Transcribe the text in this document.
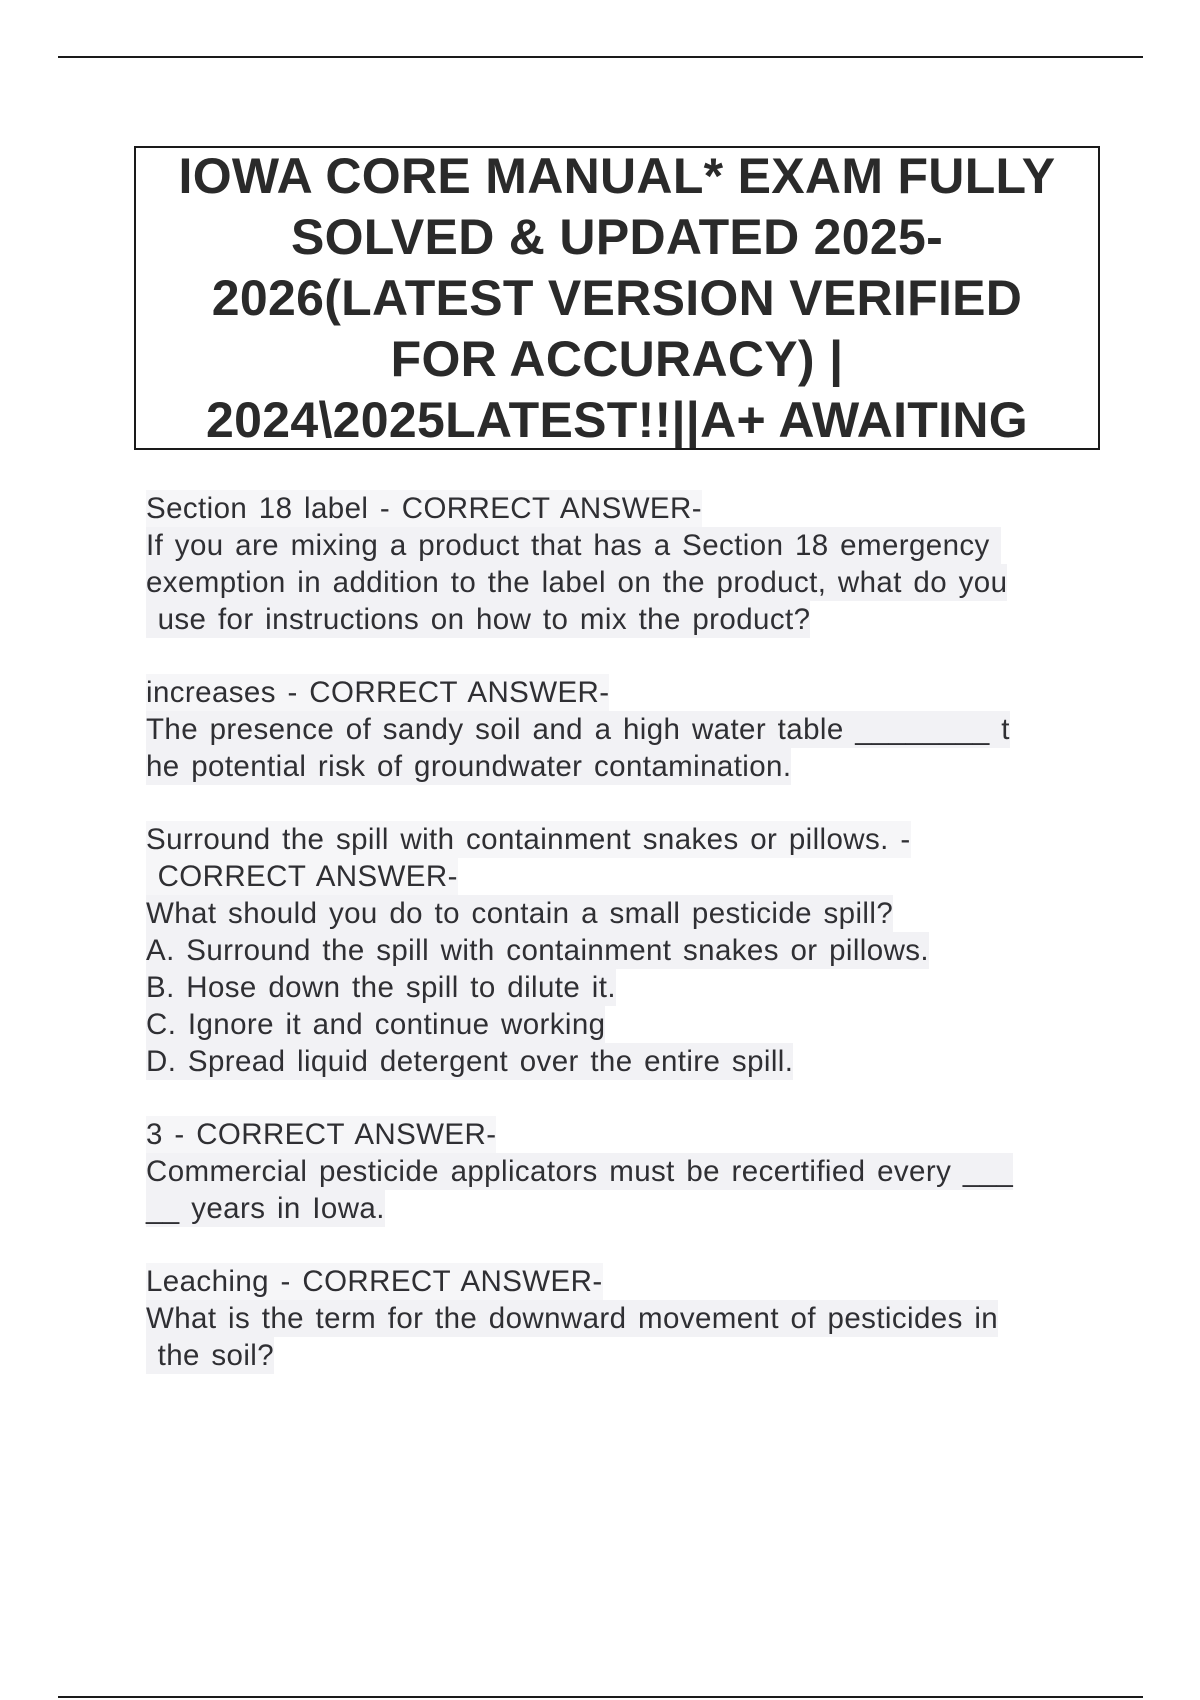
IOWA CORE MANUAL* EXAM FULLY
SOLVED & UPDATED 2025-
2026(LATEST VERSION VERIFIED
FOR ACCURACY) |
2024\2025LATEST!!||A+ AWAITING
Section 18 label - CORRECT ANSWER-
If you are mixing a product that has a Section 18 emergency
exemption in addition to the label on the product, what do you
use for instructions on how to mix the product?
increases - CORRECT ANSWER-
The presence of sandy soil and a high water table ________ t
he potential risk of groundwater contamination.
Surround the spill with containment snakes or pillows. -
CORRECT ANSWER-
What should you do to contain a small pesticide spill?
A. Surround the spill with containment snakes or pillows.
B. Hose down the spill to dilute it.
C. Ignore it and continue working
D. Spread liquid detergent over the entire spill.
3 - CORRECT ANSWER-
Commercial pesticide applicators must be recertified every ___
__ years in Iowa.
Leaching - CORRECT ANSWER-
What is the term for the downward movement of pesticides in
the soil?
